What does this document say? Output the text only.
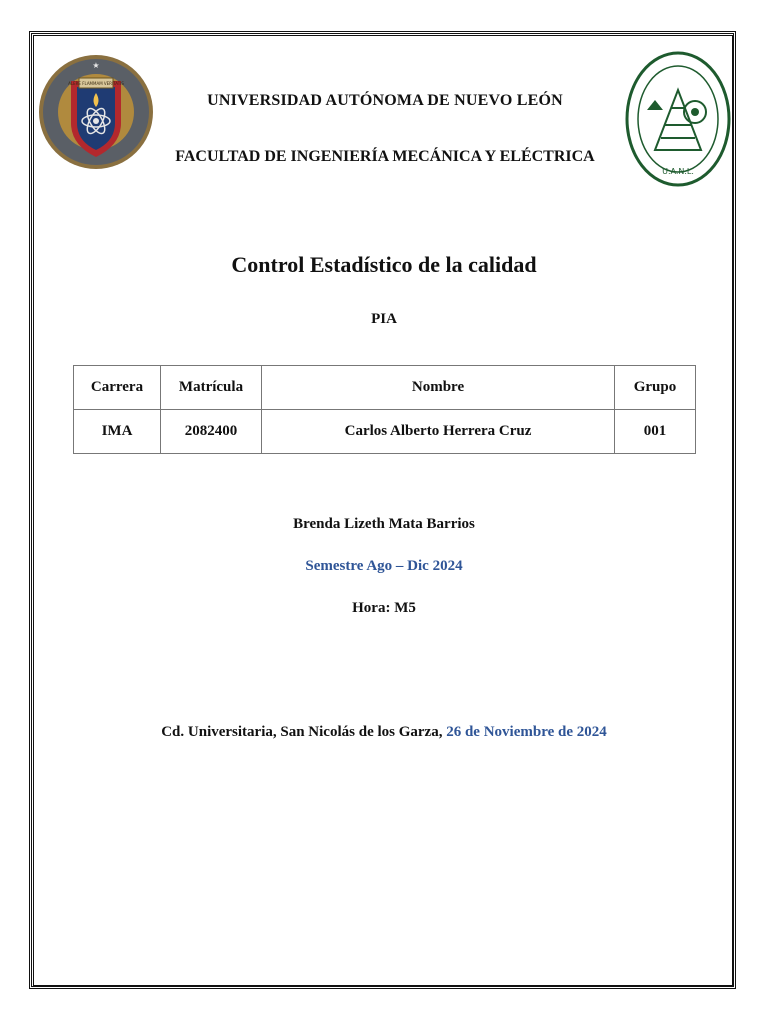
ALERE FLAMMAM VERITATIS
★
U.A.N.L.
UNIVERSIDAD AUTÓNOMA DE NUEVO LEÓN
FACULTAD DE INGENIERÍA MECÁNICA Y ELÉCTRICA
Control Estadístico de la calidad
PIA
Carrera	Matrícula	Nombre	Grupo
IMA	2082400	Carlos Alberto Herrera Cruz	001
Brenda Lizeth Mata Barrios
Semestre Ago – Dic 2024
Hora: M5
Cd. Universitaria, San Nicolás de los Garza, 26 de Noviembre de 2024
